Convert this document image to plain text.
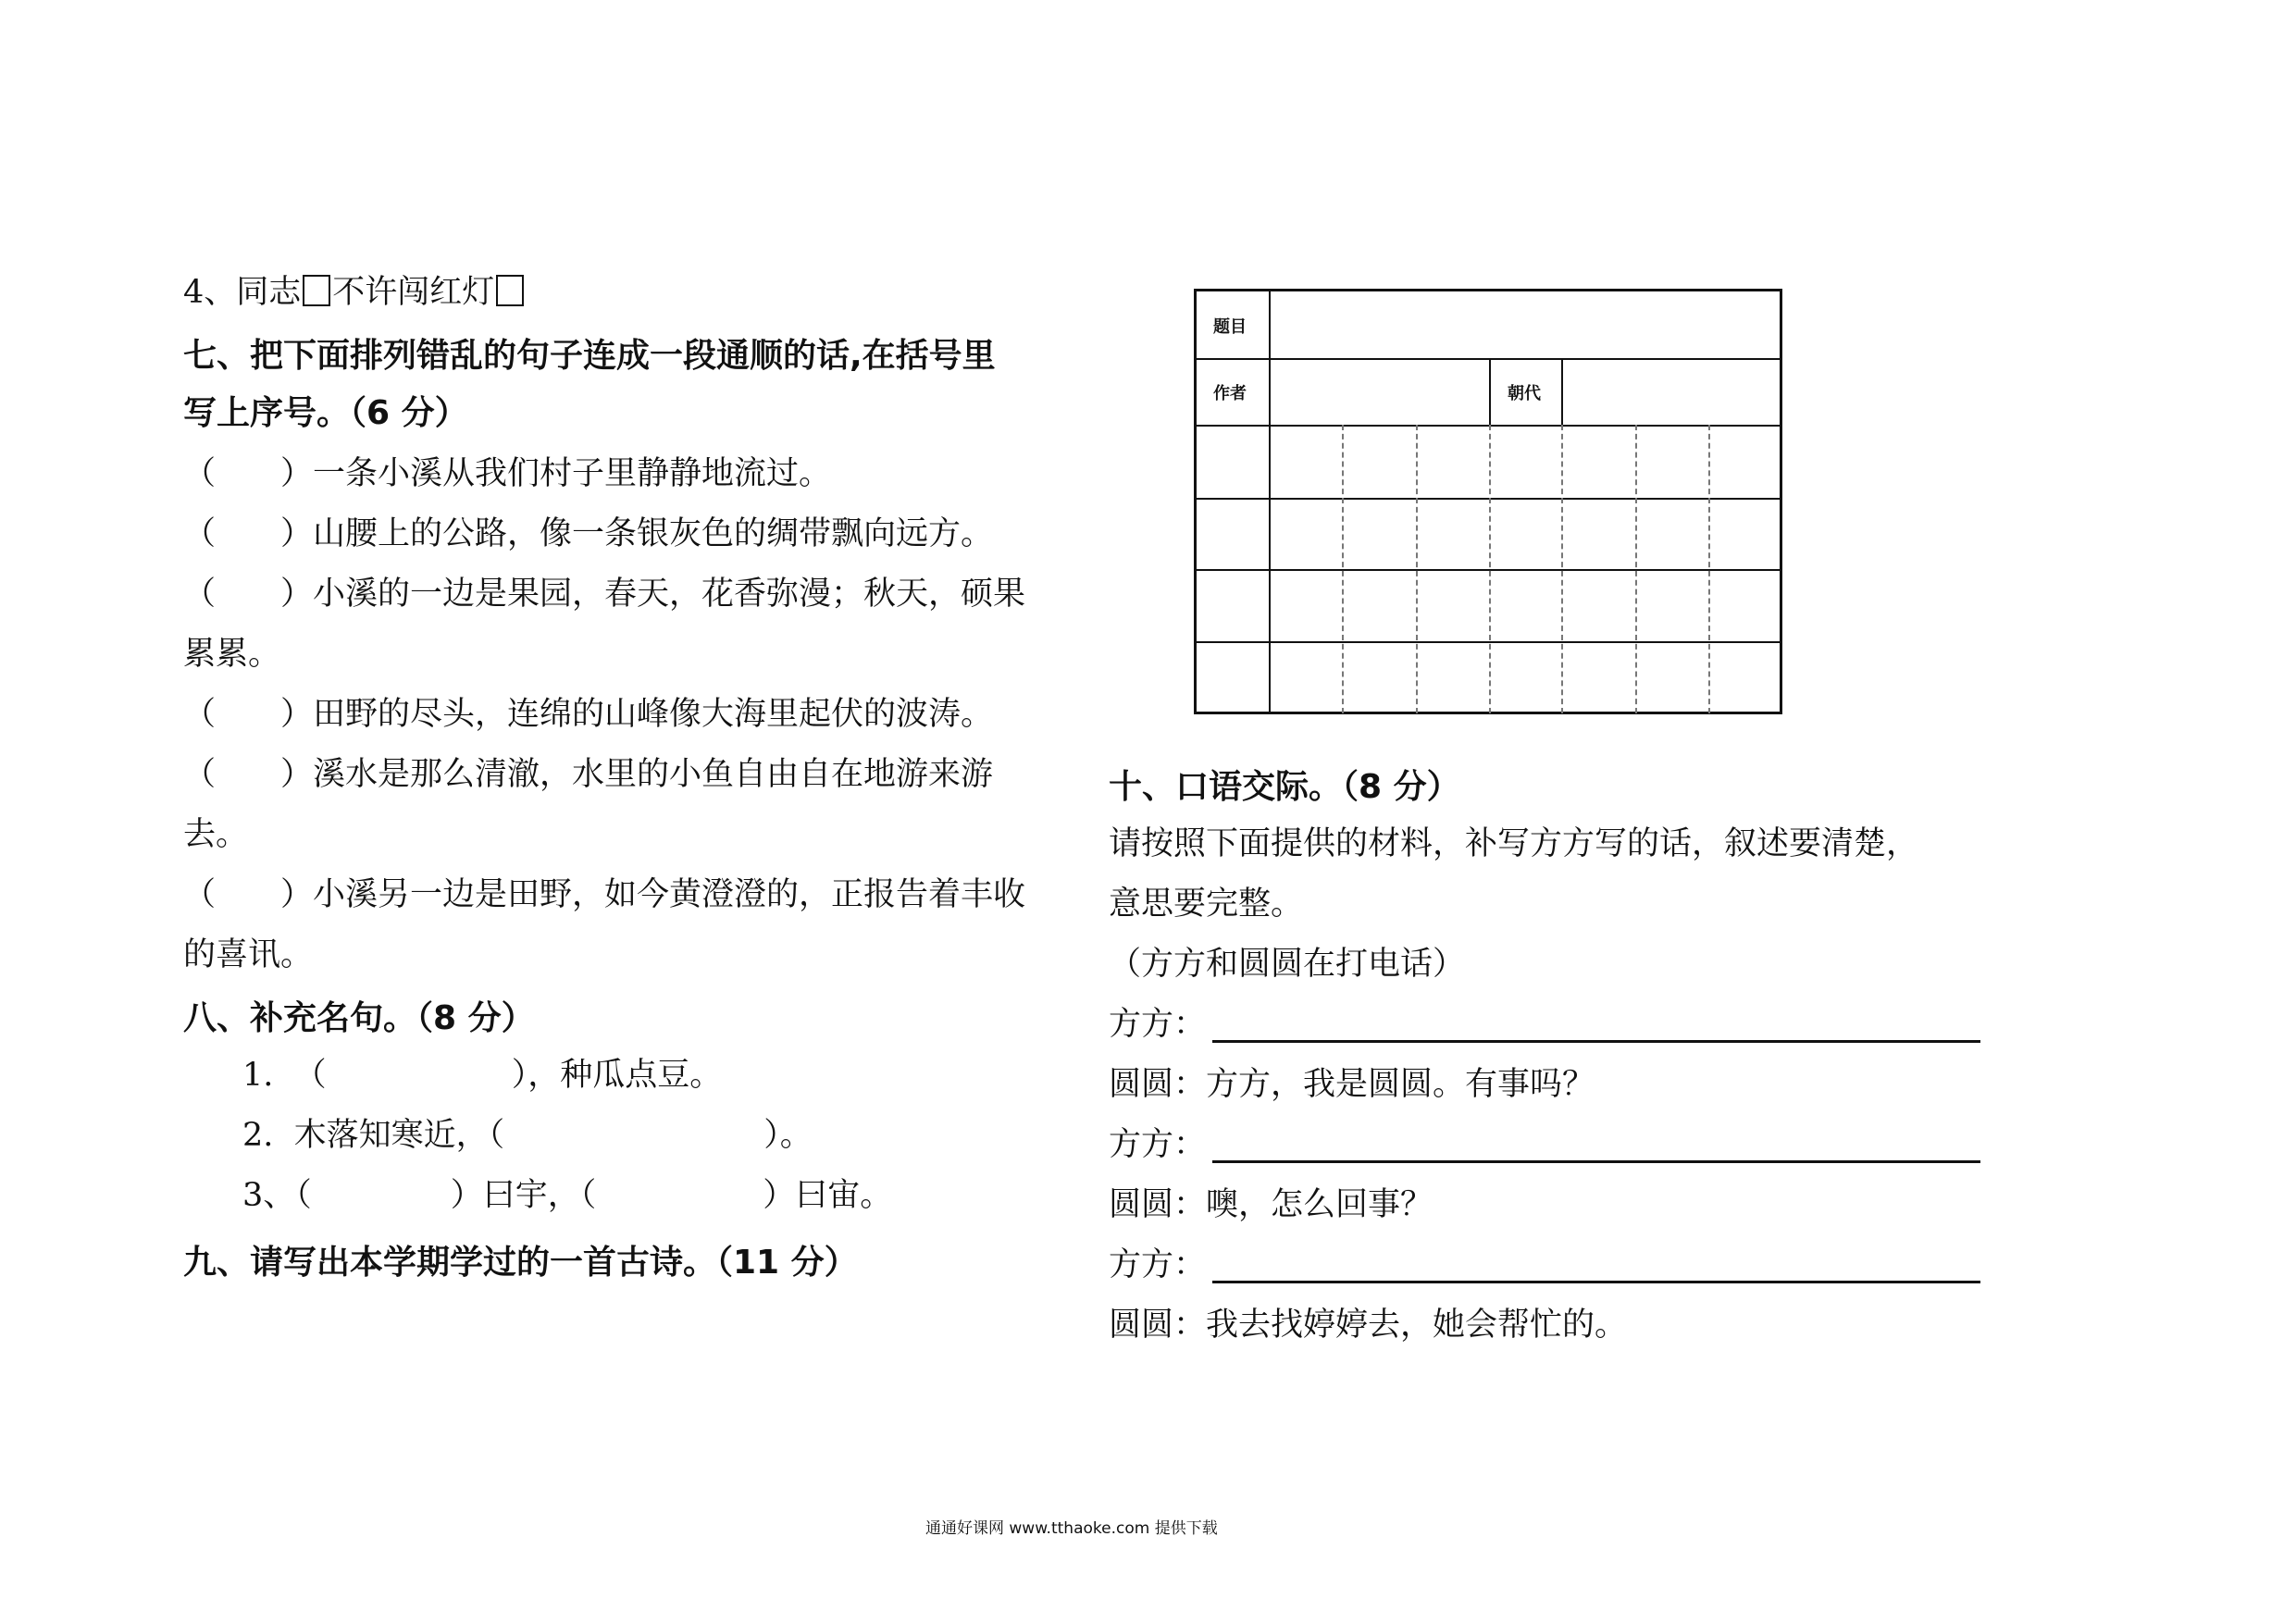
4、同志 不许闯红灯
七、把下面排列错乱的句子连成一段通顺的话,在括号里
写上序号。（6 分）
（ ）一条小溪从我们村子里静静地流过。
（ ）山腰上的公路，像一条银灰色的绸带飘向远方。
（ ）小溪的一边是果园，春天，花香弥漫；秋天，硕果
累累。
（ ）田野的尽头，连绵的山峰像大海里起伏的波涛。
（ ）溪水是那么清澈，水里的小鱼自由自在地游来游
去。
（ ）小溪另一边是田野，如今黄澄澄的，正报告着丰收
的喜讯。
八、补充名句。（8 分）
1. （	），种瓜点豆。
2. 木落知寒近，（	）。
3、（	）曰宇，（	）曰宙。
九、请写出本学期学过的一首古诗。（11 分）
题目
作者	朝代
十、口语交际。（8 分）
请按照下面提供的材料，补写方方写的话，叙述要清楚，
意思要完整。
（方方和圆圆在打电话）
方方：
圆圆：方方，我是圆圆。有事吗？
方方：
圆圆：噢，怎么回事？
方方：
圆圆：我去找婷婷去，她会帮忙的。
通通好课网 www.tthaoke.com 提供下载
